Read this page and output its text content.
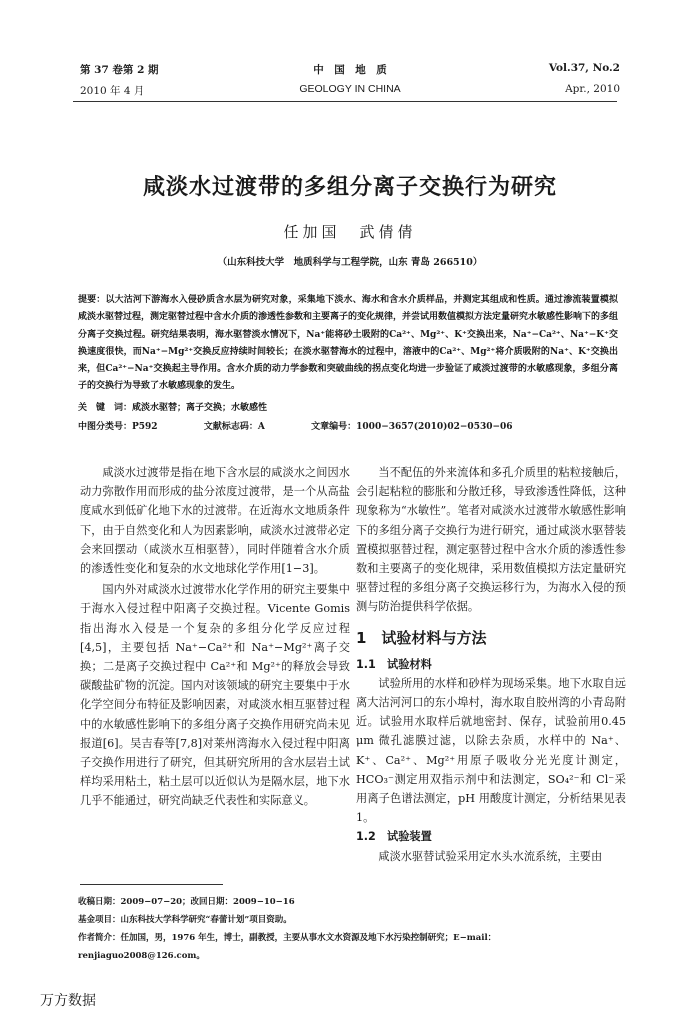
第 37 卷第 2 期	中　国　地　质	Vol.37, No.2
2010 年 4 月	GEOLOGY IN CHINA	Apr., 2010
咸淡水过渡带的多组分离子交换行为研究
任加国　武倩倩
（山东科技大学　地质科学与工程学院，山东 青岛 266510）
提要：以大沽河下游海水入侵砂质含水层为研究对象，采集地下淡水、海水和含水介质样品，并测定其组成和性质。通过渗流装置模拟咸淡水驱替过程，测定驱替过程中含水介质的渗透性参数和主要离子的变化规律，并尝试用数值模拟方法定量研究水敏感性影响下的多组分离子交换过程。研究结果表明，海水驱替淡水情况下，Na⁺能将砂土吸附的Ca²⁺、Mg²⁺、K⁺交换出来，Na⁺−Ca²⁺、Na⁺−K⁺交换速度很快，而Na⁺−Mg²⁺交换反应持续时间较长；在淡水驱替海水的过程中，溶液中的Ca²⁺、Mg²⁺将介质吸附的Na⁺、K⁺交换出来，但Ca²⁺−Na⁺交换起主导作用。含水介质的动力学参数和突破曲线的拐点变化均进一步验证了咸淡过渡带的水敏感现象，多组分离子的交换行为导致了水敏感现象的发生。
关　键　词：咸淡水驱替；离子交换；水敏感性
中图分类号：P592	文献标志码：A	文章编号：1000−3657(2010)02−0530−06

咸淡水过渡带是指在地下含水层的咸淡水之间因水动力弥散作用而形成的盐分浓度过渡带，是一个从高盐度咸水到低矿化地下水的过渡带。在近海水文地质条件下，由于自然变化和人为因素影响，咸淡水过渡带必定会来回摆动（咸淡水互相驱替），同时伴随着含水介质的渗透性变化和复杂的水文地球化学作用[1−3]。

国内外对咸淡水过渡带水化学作用的研究主要集中于海水入侵过程中阳离子交换过程。Vicente Gomis指出海水入侵是一个复杂的多组分化学反应过程[4,5]，主要包括 Na⁺−Ca²⁺和 Na⁺−Mg²⁺离子交换；二是离子交换过程中 Ca²⁺和 Mg²⁺的释放会导致碳酸盐矿物的沉淀。国内对该领域的研究主要集中于水化学空间分布特征及影响因素，对咸淡水相互驱替过程中的水敏感性影响下的多组分离子交换作用研究尚未见报道[6]。吴吉春等[7,8]对莱州湾海水入侵过程中阳离子交换作用进行了研究，但其研究所用的含水层岩土试样均采用粘土，粘土层可以近似认为是隔水层，地下水几乎不能通过，研究尚缺乏代表性和实际意义。

当不配伍的外来流体和多孔介质里的粘粒接触后，会引起粘粒的膨胀和分散迁移，导致渗透性降低，这种现象称为“水敏性”。笔者对咸淡水过渡带水敏感性影响下的多组分离子交换行为进行研究，通过咸淡水驱替装置模拟驱替过程，测定驱替过程中含水介质的渗透性参数和主要离子的变化规律，采用数值模拟方法定量研究驱替过程的多组分离子交换运移行为，为海水入侵的预测与防治提供科学依据。

1　试验材料与方法
1.1　试验材料

试验所用的水样和砂样为现场采集。地下水取自远离大沽河河口的东小埠村，海水取自胶州湾的小青岛附近。试验用水取样后就地密封、保存，试验前用0.45 μm 微孔滤膜过滤，以除去杂质，水样中的 Na⁺、K⁺、Ca²⁺、Mg²⁺用原子吸收分光光度计测定，HCO₃⁻测定用双指示剂中和法测定，SO₄²⁻和 Cl⁻采用离子色谱法测定，pH 用酸度计测定，分析结果见表 1。

1.2　试验装置

咸淡水驱替试验采用定水头水流系统，主要由

收稿日期：2009−07−20；改回日期：2009−10−16
基金项目：山东科技大学科学研究“春蕾计划”项目资助。
作者简介：任加国，男，1976 年生，博士，副教授，主要从事水文水资源及地下水污染控制研究；E−mail：renjiaguo2008@126.com。
万方数据
